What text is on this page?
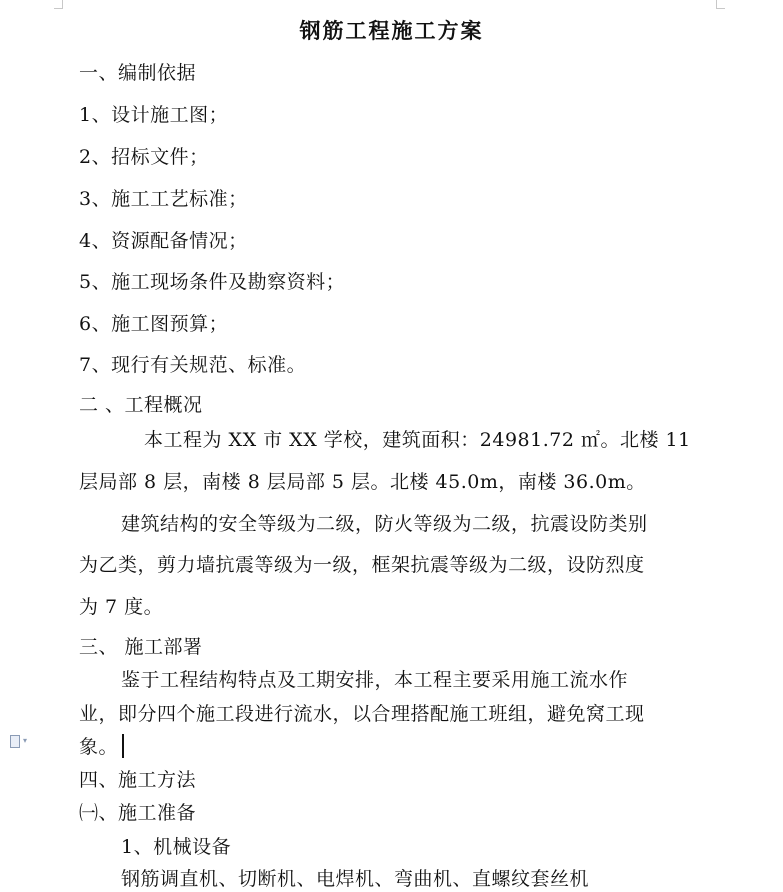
▾
钢筋工程施工方案
一、编制依据
1、设计施工图；
2、招标文件；
3、施工工艺标准；
4、资源配备情况；
5、施工现场条件及勘察资料；
6、施工图预算；
7、现行有关规范、标准。
二 、工程概况
本工程为 XX 市 XX 学校，建筑面积：24981.72 ㎡。北楼 11
层局部 8 层，南楼 8 层局部 5 层。北楼 45.0m，南楼 36.0m。
建筑结构的安全等级为二级，防火等级为二级，抗震设防类别
为乙类，剪力墙抗震等级为一级，框架抗震等级为二级，设防烈度
为 7 度。
三、 施工部署
鉴于工程结构特点及工期安排，本工程主要采用施工流水作
业，即分四个施工段进行流水，以合理搭配施工班组，避免窝工现
象。
四、施工方法
㈠、施工准备
1、机械设备
钢筋调直机、切断机、电焊机、弯曲机、直螺纹套丝机
